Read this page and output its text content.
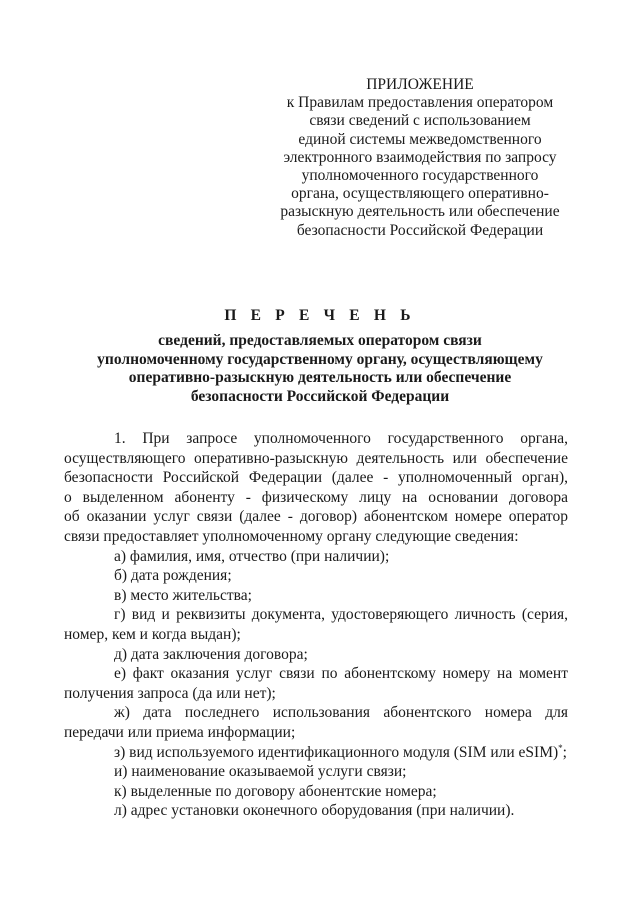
ПРИЛОЖЕНИЕ
к Правилам предоставления оператором
связи сведений с использованием
единой системы межведомственного
электронного взаимодействия по запросу
уполномоченного государственного
органа, осуществляющего оперативно-
разыскную деятельность или обеспечение
безопасности Российской Федерации
П Е Р Е Ч Е Н Ь
сведений, предоставляемых оператором связи
уполномоченному государственному органу, осуществляющему
оперативно-разыскную деятельность или обеспечение
безопасности Российской Федерации
1. При запросе уполномоченного государственного органа,
осуществляющего оперативно-разыскную деятельность или обеспечение
безопасности Российской Федерации (далее - уполномоченный орган),
о выделенном абоненту - физическому лицу на основании договора
об оказании услуг связи (далее - договор) абонентском номере оператор
связи предоставляет уполномоченному органу следующие сведения:
а) фамилия, имя, отчество (при наличии);
б) дата рождения;
в) место жительства;
г) вид и реквизиты документа, удостоверяющего личность (серия,
номер, кем и когда выдан);
д) дата заключения договора;
е) факт оказания услуг связи по абонентскому номеру на момент
получения запроса (да или нет);
ж) дата последнего использования абонентского номера для
передачи или приема информации;
з) вид используемого идентификационного модуля (SIM или eSIM)*;
и) наименование оказываемой услуги связи;
к) выделенные по договору абонентские номера;
л) адрес установки оконечного оборудования (при наличии).
